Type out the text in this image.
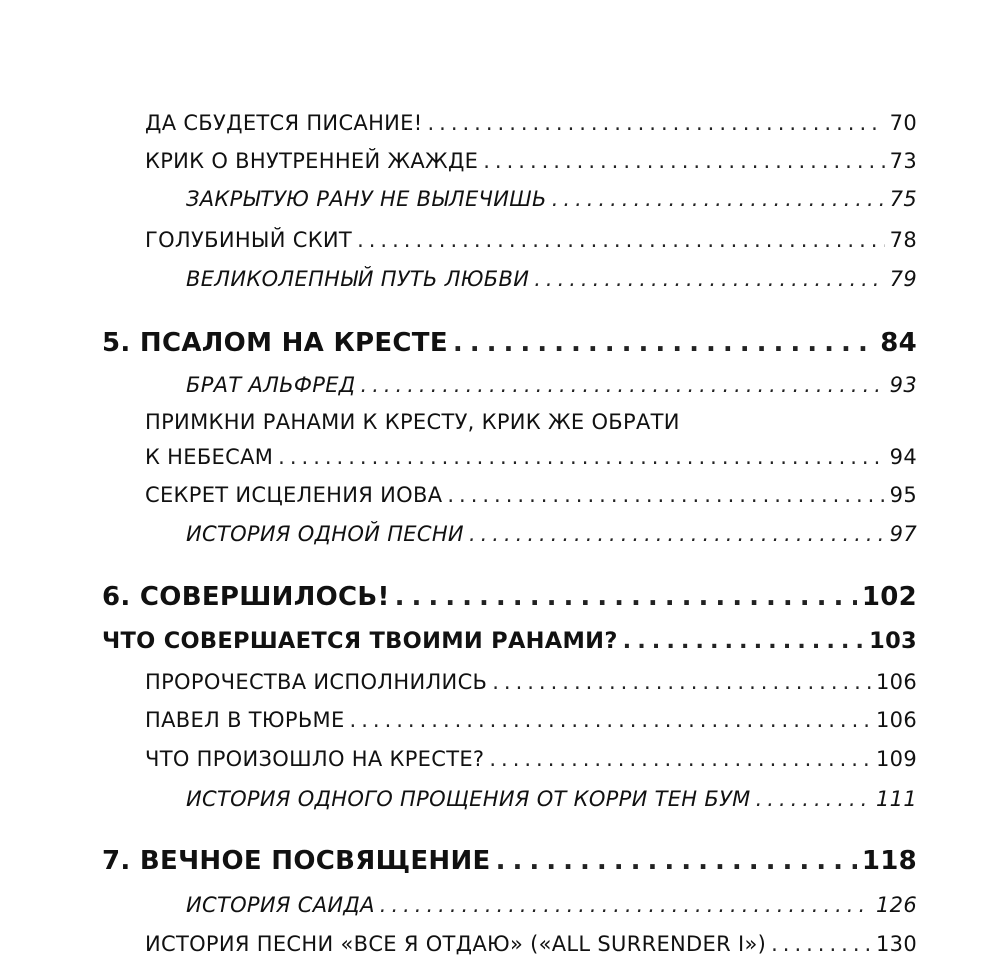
ДА СБУДЕТСЯ ПИСАНИЕ! .....	70
КРИК О ВНУТРЕННЕЙ ЖАЖДЕ .....	73
ЗАКРЫТУЮ РАНУ НЕ ВЫЛЕЧИШЬ .....	75
ГОЛУБИНЫЙ СКИТ .....	78
ВЕЛИКОЛЕПНЫЙ ПУТЬ ЛЮБВИ .....	79
5. ПСАЛОМ НА КРЕСТЕ .....	84
БРАТ АЛЬФРЕД .....	93
ПРИМКНИ РАНАМИ К КРЕСТУ, КРИК ЖЕ ОБРАТИ
К НЕБЕСАМ .....	94
СЕКРЕТ ИСЦЕЛЕНИЯ ИОВА .....	95
ИСТОРИЯ ОДНОЙ ПЕСНИ .....	97
6. СОВЕРШИЛОСЬ! .....	102
ЧТО СОВЕРШАЕТСЯ ТВОИМИ РАНАМИ? .....	103
ПРОРОЧЕСТВА ИСПОЛНИЛИСЬ .....	106
ПАВЕЛ В ТЮРЬМЕ .....	106
ЧТО ПРОИЗОШЛО НА КРЕСТЕ? .....	109
ИСТОРИЯ ОДНОГО ПРОЩЕНИЯ ОТ КОРРИ ТЕН БУМ .....	111
7. ВЕЧНОЕ ПОСВЯЩЕНИЕ .....	118
ИСТОРИЯ САИДА .....	126
ИСТОРИЯ ПЕСНИ «ВСЕ Я ОТДАЮ» («ALL SURRENDER I») .....	130
